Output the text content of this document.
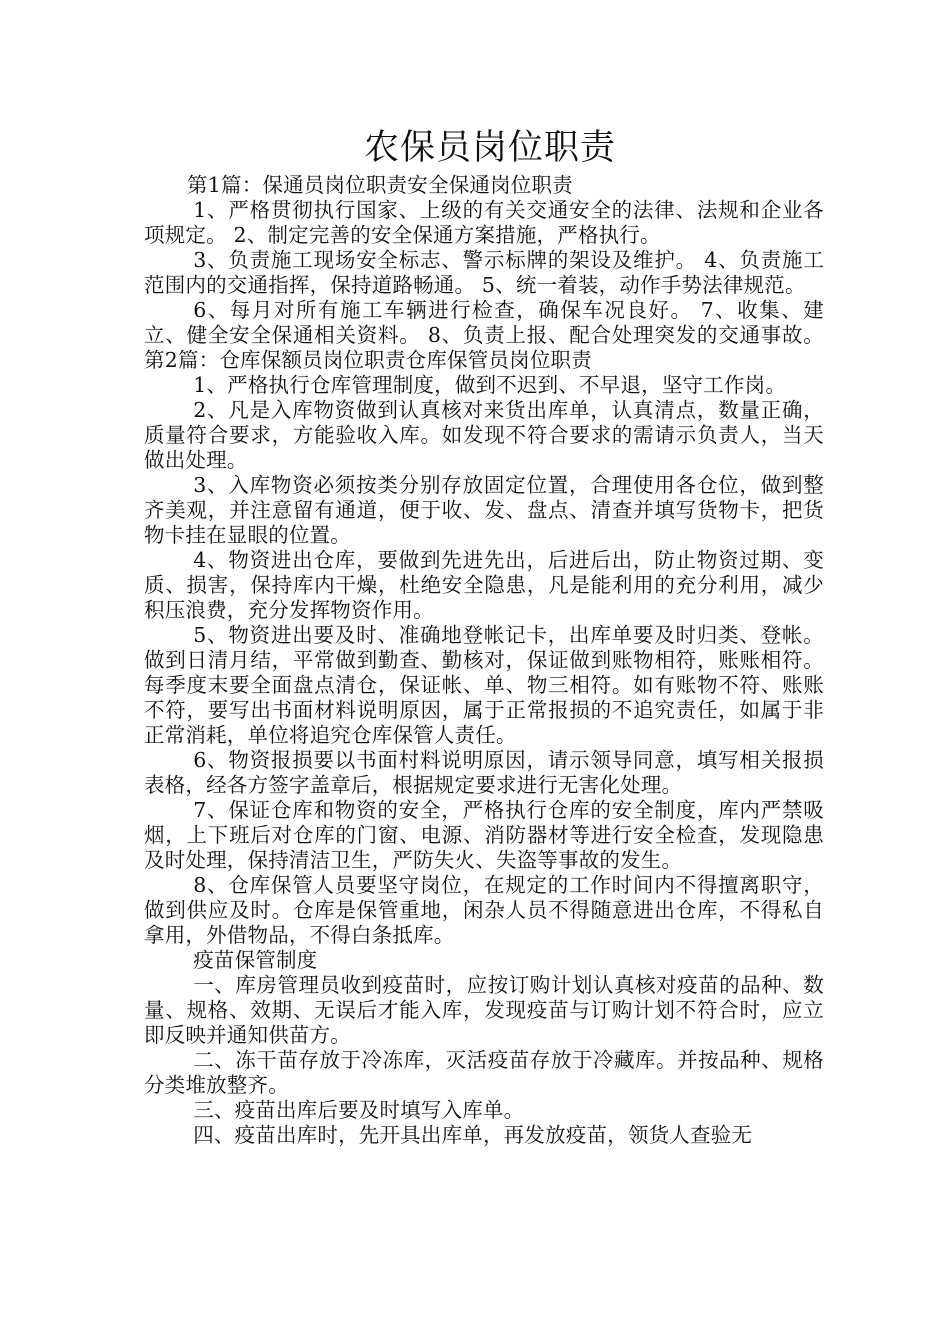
农保员岗位职责

第1篇：保通员岗位职责安全保通岗位职责

1、严格贯彻执行国家、上级的有关交通安全的法律、法规和企业各项规定。 2、制定完善的安全保通方案措施，严格执行。

3、负责施工现场安全标志、警示标牌的架设及维护。 4、负责施工范围内的交通指挥，保持道路畅通。 5、统一着装，动作手势法律规范。

6、每月对所有施工车辆进行检查，确保车况良好。 7、收集、建立、健全安全保通相关资料。 8、负责上报、配合处理突发的交通事故。第2篇：仓库保额员岗位职责仓库保管员岗位职责

1、严格执行仓库管理制度，做到不迟到、不早退，坚守工作岗。

2、凡是入库物资做到认真核对来货出库单，认真清点，数量正确，质量符合要求，方能验收入库。如发现不符合要求的需请示负责人，当天做出处理。

3、入库物资必须按类分别存放固定位置，合理使用各仓位，做到整齐美观，并注意留有通道，便于收、发、盘点、清查并填写货物卡，把货物卡挂在显眼的位置。

4、物资进出仓库，要做到先进先出，后进后出，防止物资过期、变质、损害，保持库内干燥，杜绝安全隐患，凡是能利用的充分利用，减少积压浪费，充分发挥物资作用。

5、物资进出要及时、准确地登帐记卡，出库单要及时归类、登帐。做到日清月结，平常做到勤查、勤核对，保证做到账物相符，账账相符。每季度末要全面盘点清仓，保证帐、单、物三相符。如有账物不符、账账不符，要写出书面材料说明原因，属于正常报损的不追究责任，如属于非正常消耗，单位将追究仓库保管人责任。

6、物资报损要以书面村料说明原因，请示领导同意，填写相关报损表格，经各方签字盖章后，根据规定要求进行无害化处理。

7、保证仓库和物资的安全，严格执行仓库的安全制度，库内严禁吸烟，上下班后对仓库的门窗、电源、消防器材等进行安全检查，发现隐患及时处理，保持清洁卫生，严防失火、失盗等事故的发生。

8、仓库保管人员要坚守岗位，在规定的工作时间内不得擅离职守，做到供应及时。仓库是保管重地，闲杂人员不得随意进出仓库，不得私自拿用，外借物品，不得白条抵库。

疫苗保管制度

一、库房管理员收到疫苗时，应按订购计划认真核对疫苗的品种、数量、规格、效期、无误后才能入库，发现疫苗与订购计划不符合时，应立即反映并通知供苗方。

二、冻干苗存放于冷冻库，灭活疫苗存放于冷藏库。并按品种、规格分类堆放整齐。

三、疫苗出库后要及时填写入库单。

四、疫苗出库时，先开具出库单，再发放疫苗，领货人查验无
